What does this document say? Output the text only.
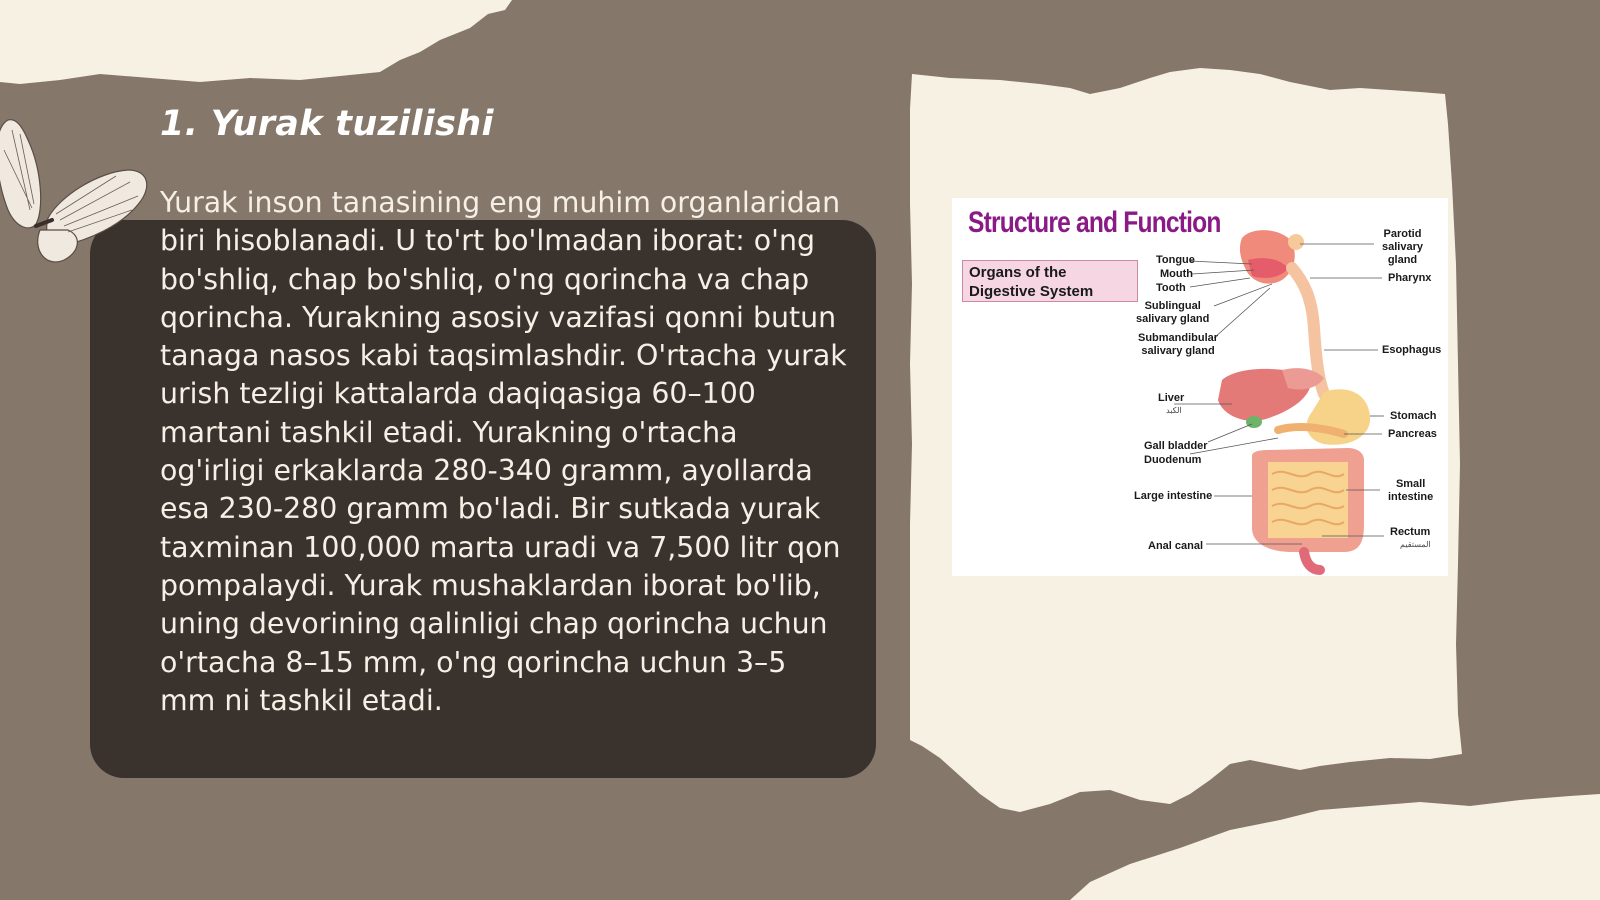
1. Yurak tuzilishi

Yurak inson tanasining eng muhim organlaridan biri hisoblanadi. U to'rt bo'lmadan iborat: o'ng bo'shliq, chap bo'shliq, o'ng qorincha va chap qorincha. Yurakning asosiy vazifasi qonni butun tanaga nasos kabi taqsimlashdir. O'rtacha yurak urish tezligi kattalarda daqiqasiga 60–100 martani tashkil etadi. Yurakning o'rtacha og'irligi erkaklarda 280-340 gramm, ayollarda esa 230-280 gramm bo'ladi. Bir sutkada yurak taxminan 100,000 marta uradi va 7,500 litr qon pompalaydi. Yurak mushaklardan iborat bo'lib, uning devorining qalinligi chap qorincha uchun o'rtacha 8–15 mm, o'ng qorincha uchun 3–5 mm ni tashkil etadi.

Structure and Function
Organs of the
Digestive System
Tongue
Mouth
Tooth
Sublingual
salivary gland
Submandibular
salivary gland
Liver
الكبد
Gall bladder
Duodenum
Large intestine
Anal canal
Parotid
salivary
gland
Pharynx
Esophagus
Stomach
Pancreas
Small
intestine
Rectum
المستقيم
